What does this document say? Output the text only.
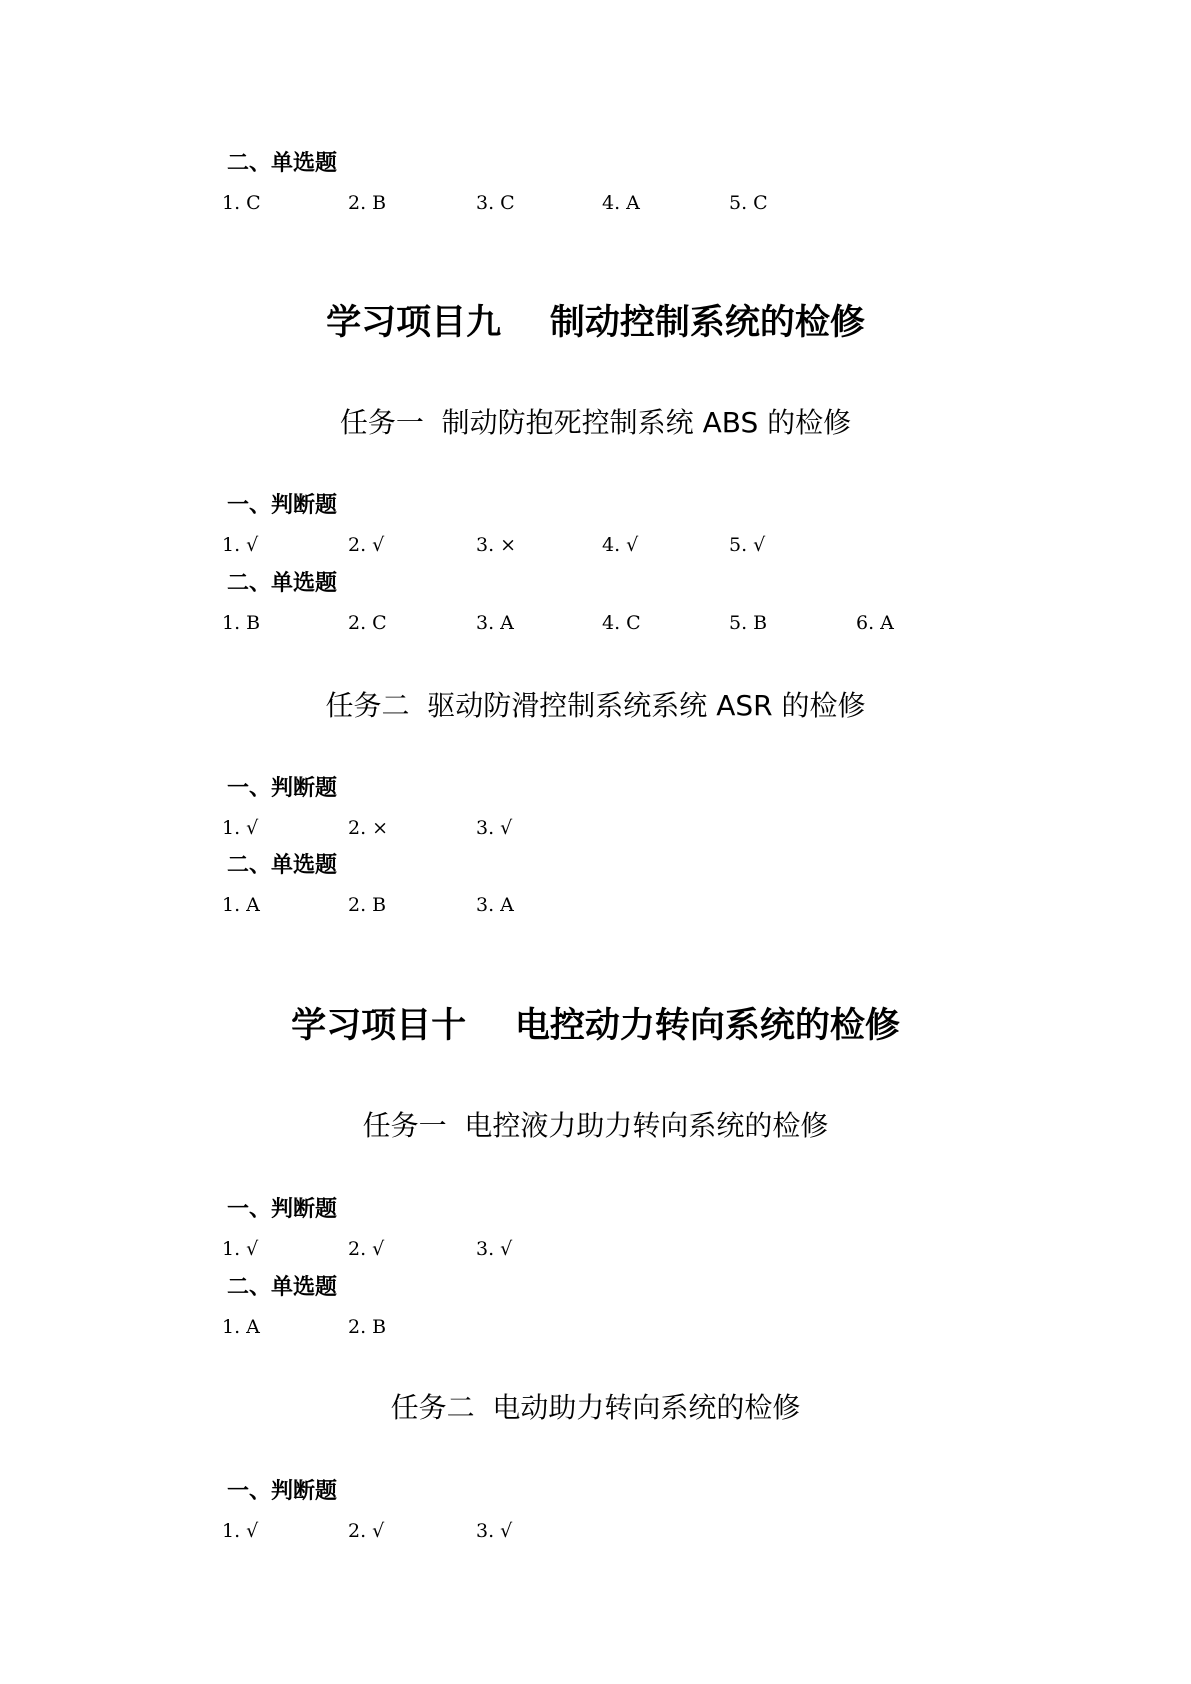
二、单选题
1. C	2. B	3. C	4. A	5. C
学习项目九    制动控制系统的检修
任务一  制动防抱死控制系统 ABS 的检修
一、判断题
1. √	2. √	3. ×	4. √	5. √
二、单选题
1. B	2. C	3. A	4. C	5. B	6. A
任务二  驱动防滑控制系统系统 ASR 的检修
一、判断题
1. √	2. ×	3. √
二、单选题
1. A	2. B	3. A
学习项目十    电控动力转向系统的检修
任务一  电控液力助力转向系统的检修
一、判断题
1. √	2. √	3. √
二、单选题
1. A	2. B
任务二  电动助力转向系统的检修
一、判断题
1. √	2. √	3. √
